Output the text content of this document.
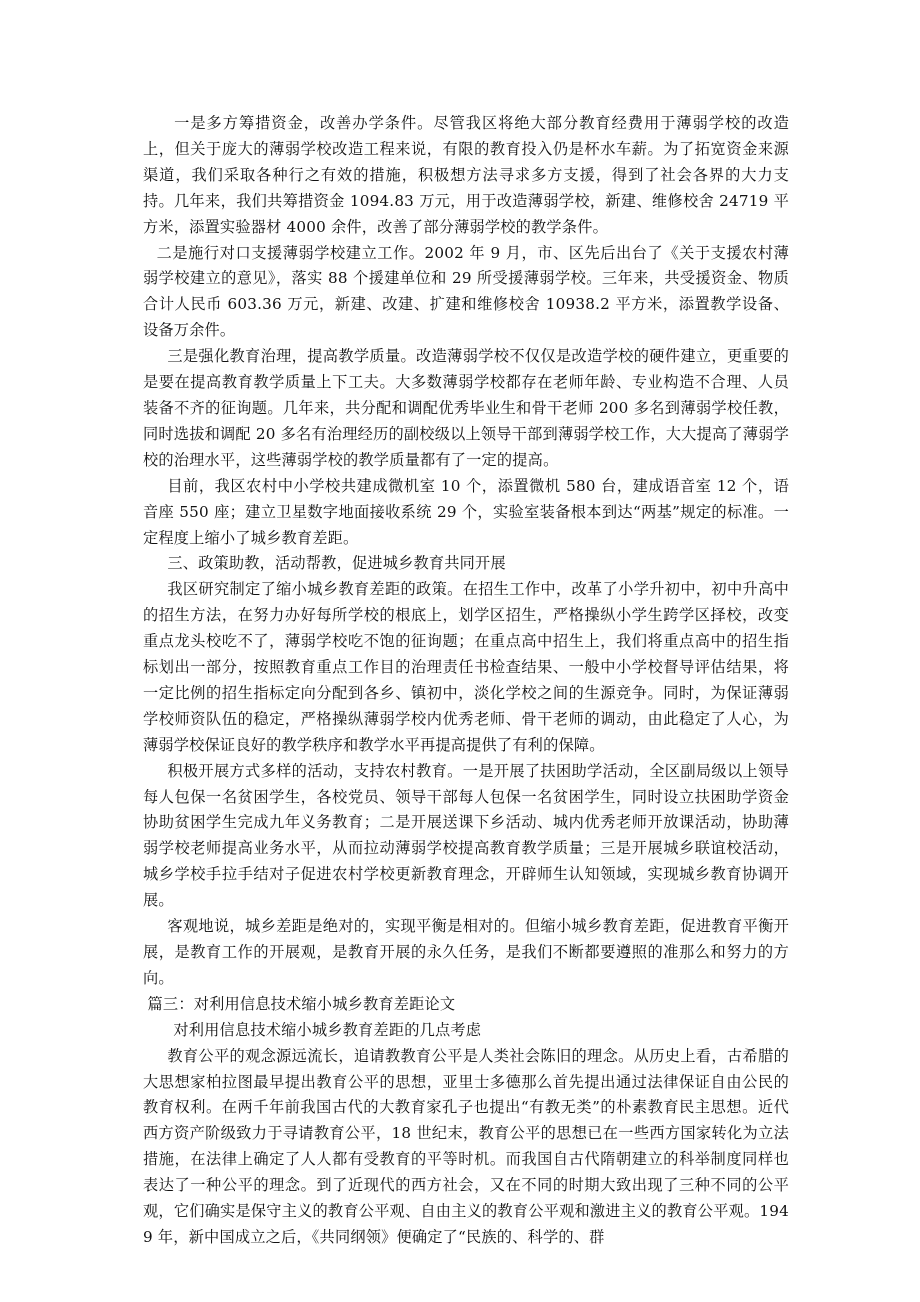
一是多方筹措资金，改善办学条件。尽管我区将绝大部分教育经费用于薄弱学校的改造上，但关于庞大的薄弱学校改造工程来说，有限的教育投入仍是杯水车薪。为了拓宽资金来源渠道，我们采取各种行之有效的措施，积极想方法寻求多方支援，得到了社会各界的大力支持。几年来，我们共筹措资金 1094.83 万元，用于改造薄弱学校，新建、维修校舍 24719 平方米，添置实验器材 4000 余件，改善了部分薄弱学校的教学条件。

二是施行对口支援薄弱学校建立工作。2002 年 9 月，市、区先后出台了《关于支援农村薄弱学校建立的意见》，落实 88 个援建单位和 29 所受援薄弱学校。三年来，共受援资金、物质合计人民币 603.36 万元，新建、改建、扩建和维修校舍 10938.2 平方米，添置教学设备、设备万余件。

三是强化教育治理，提高教学质量。改造薄弱学校不仅仅是改造学校的硬件建立，更重要的是要在提高教育教学质量上下工夫。大多数薄弱学校都存在老师年龄、专业构造不合理、人员装备不齐的征询题。几年来，共分配和调配优秀毕业生和骨干老师 200 多名到薄弱学校任教，同时选拔和调配 20 多名有治理经历的副校级以上领导干部到薄弱学校工作，大大提高了薄弱学校的治理水平，这些薄弱学校的教学质量都有了一定的提高。

目前，我区农村中小学校共建成微机室 10 个，添置微机 580 台，建成语音室 12 个，语音座 550 座；建立卫星数字地面接收系统 29 个，实验室装备根本到达“两基”规定的标准。一定程度上缩小了城乡教育差距。

三、政策助教，活动帮教，促进城乡教育共同开展

我区研究制定了缩小城乡教育差距的政策。在招生工作中，改革了小学升初中，初中升高中的招生方法，在努力办好每所学校的根底上，划学区招生，严格操纵小学生跨学区择校，改变重点龙头校吃不了，薄弱学校吃不饱的征询题；在重点高中招生上，我们将重点高中的招生指标划出一部分，按照教育重点工作目的治理责任书检查结果、一般中小学校督导评估结果，将一定比例的招生指标定向分配到各乡、镇初中，淡化学校之间的生源竞争。同时，为保证薄弱学校师资队伍的稳定，严格操纵薄弱学校内优秀老师、骨干老师的调动，由此稳定了人心，为薄弱学校保证良好的教学秩序和教学水平再提高提供了有利的保障。

积极开展方式多样的活动，支持农村教育。一是开展了扶困助学活动，全区副局级以上领导每人包保一名贫困学生，各校党员、领导干部每人包保一名贫困学生，同时设立扶困助学资金协助贫困学生完成九年义务教育；二是开展送课下乡活动、城内优秀老师开放课活动，协助薄弱学校老师提高业务水平，从而拉动薄弱学校提高教育教学质量；三是开展城乡联谊校活动，城乡学校手拉手结对子促进农村学校更新教育理念，开辟师生认知领域，实现城乡教育协调开展。

客观地说，城乡差距是绝对的，实现平衡是相对的。但缩小城乡教育差距，促进教育平衡开展，是教育工作的开展观，是教育开展的永久任务，是我们不断都要遵照的准那么和努力的方向。

篇三：对利用信息技术缩小城乡教育差距论文

对利用信息技术缩小城乡教育差距的几点考虑

教育公平的观念源远流长，追请教教育公平是人类社会陈旧的理念。从历史上看，古希腊的大思想家柏拉图最早提出教育公平的思想，亚里士多德那么首先提出通过法律保证自由公民的教育权利。在两千年前我国古代的大教育家孔子也提出“有教无类”的朴素教育民主思想。近代西方资产阶级致力于寻请教育公平，18 世纪末，教育公平的思想已在一些西方国家转化为立法措施，在法律上确定了人人都有受教育的平等时机。而我国自古代隋朝建立的科举制度同样也表达了一种公平的理念。到了近现代的西方社会，又在不同的时期大致出现了三种不同的公平观，它们确实是保守主义的教育公平观、自由主义的教育公平观和激进主义的教育公平观。1949 年，新中国成立之后，《共同纲领》便确定了“民族的、科学的、群
